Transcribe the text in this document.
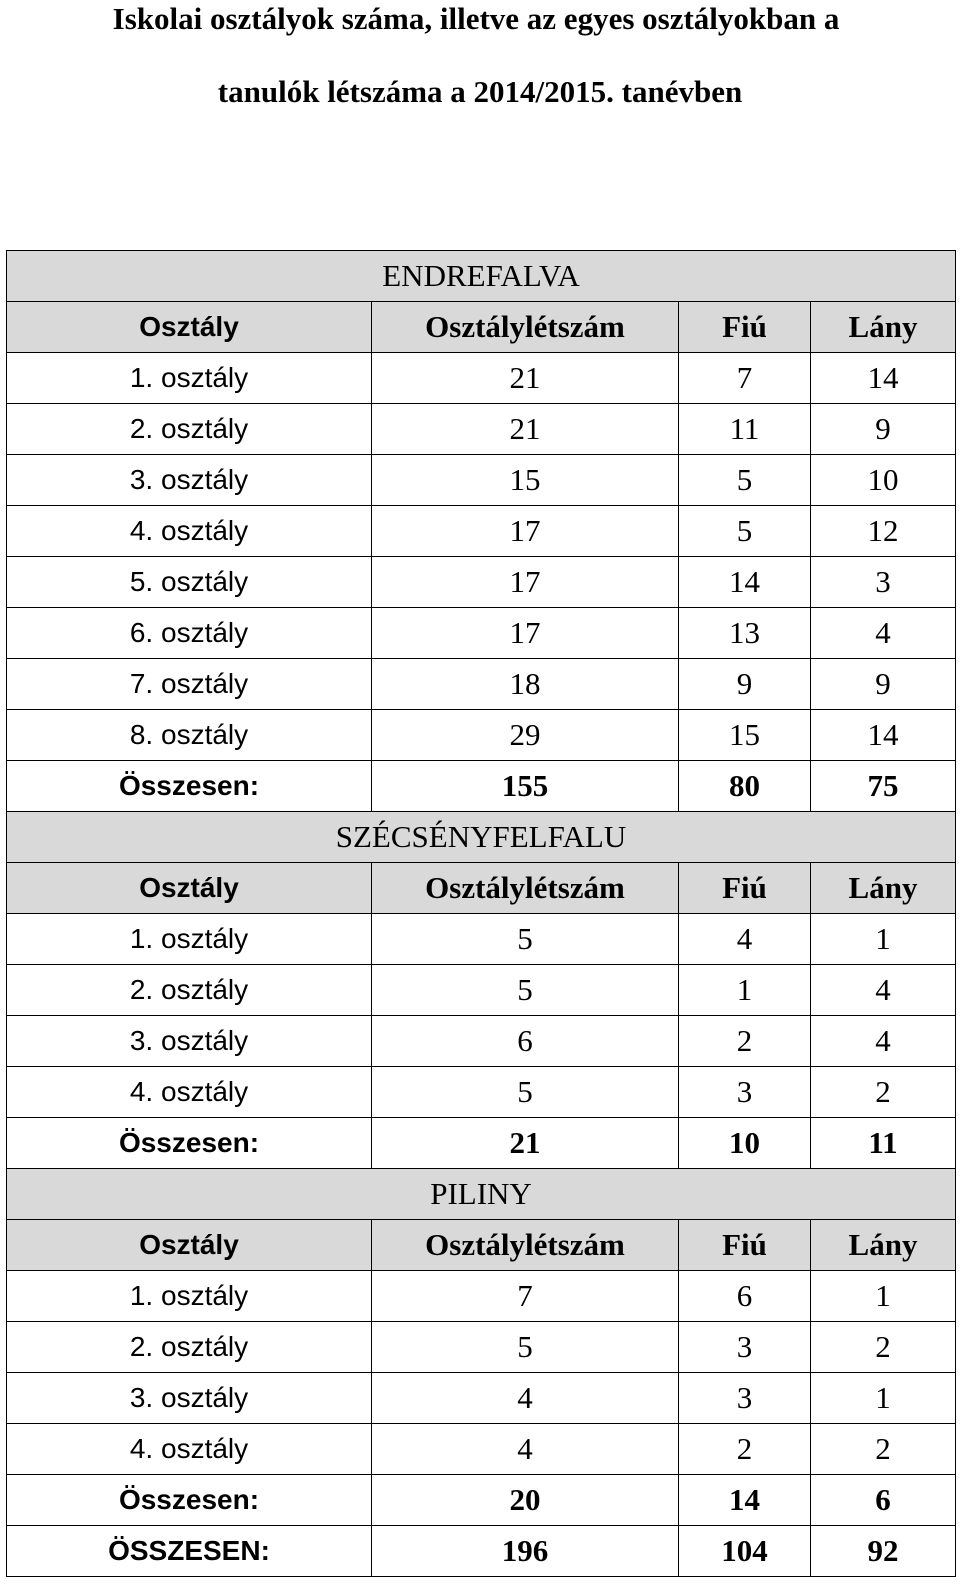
Iskolai osztályok száma, illetve az egyes osztályokban a
tanulók létszáma a 2014/2015. tanévben
ENDREFALVA			
Osztály	Osztálylétszám	Fiú	Lány
1. osztály	21	7	14
2. osztály	21	11	9
3. osztály	15	5	10
4. osztály	17	5	12
5. osztály	17	14	3
6. osztály	17	13	4
7. osztály	18	9	9
8. osztály	29	15	14
Összesen:	155	80	75
SZÉCSÉNYFELFALU			
Osztály	Osztálylétszám	Fiú	Lány
1. osztály	5	4	1
2. osztály	5	1	4
3. osztály	6	2	4
4. osztály	5	3	2
Összesen:	21	10	11
PILINY			
Osztály	Osztálylétszám	Fiú	Lány
1. osztály	7	6	1
2. osztály	5	3	2
3. osztály	4	3	1
4. osztály	4	2	2
Összesen:	20	14	6
ÖSSZESEN:	196	104	92
